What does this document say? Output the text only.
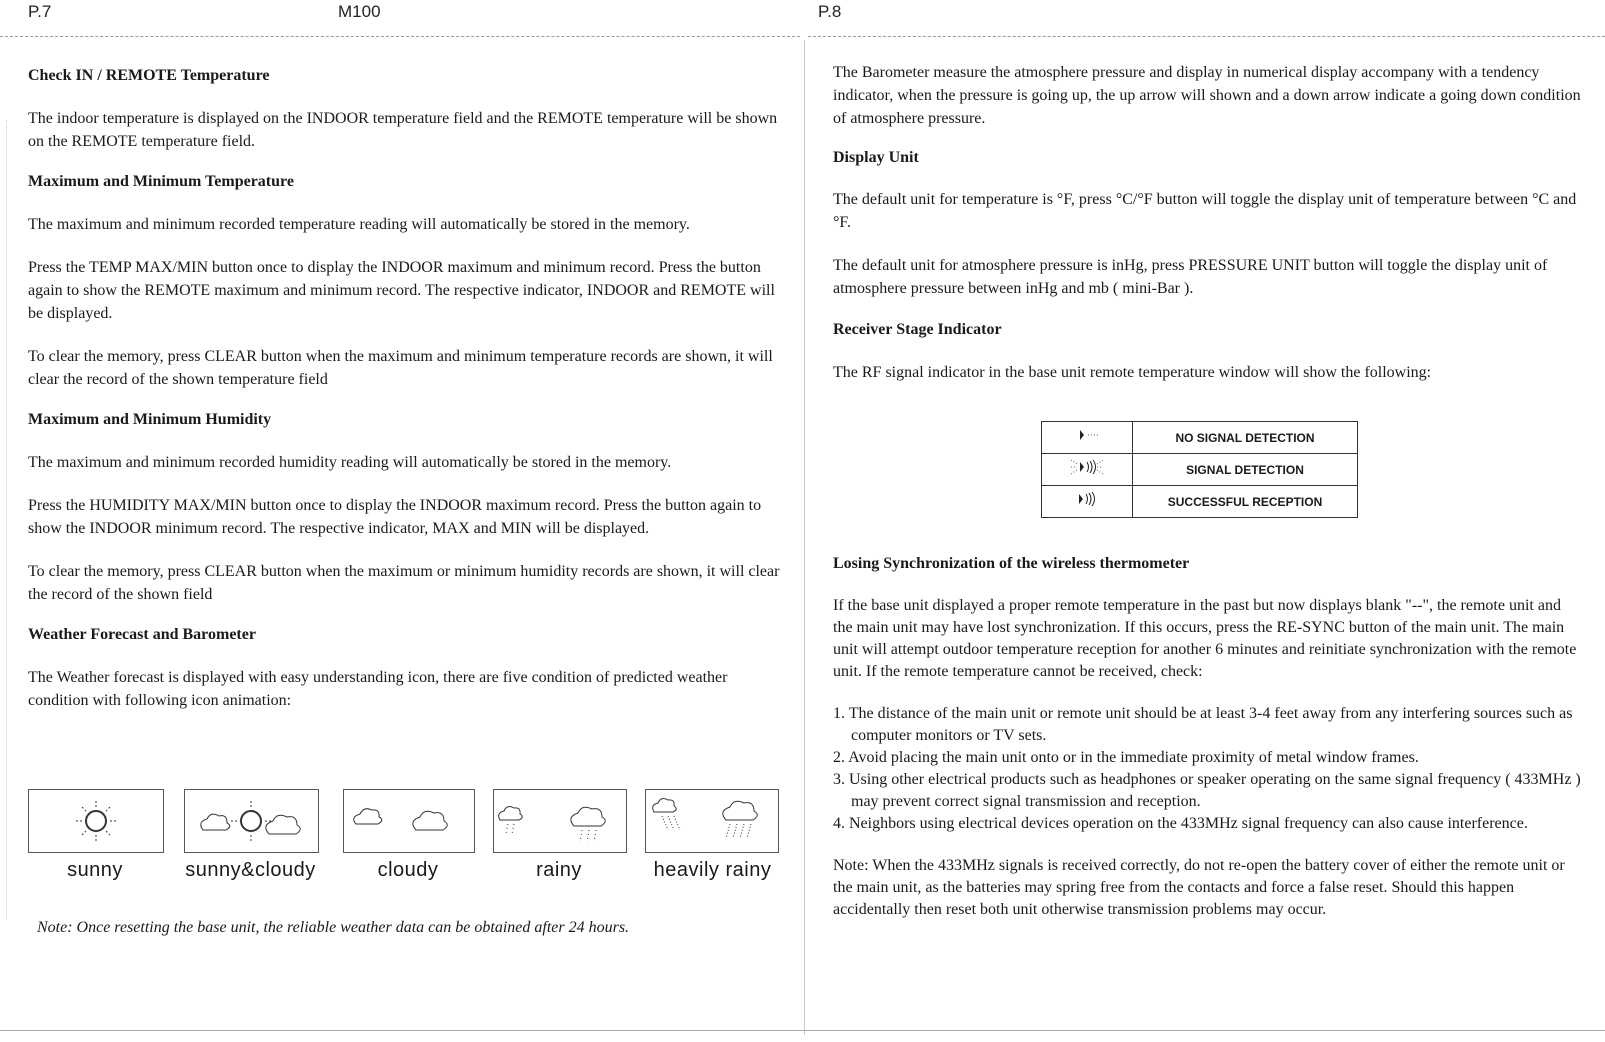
P.7	M100	P.8
Check IN / REMOTE Temperature

The indoor temperature is displayed on the INDOOR temperature field and the REMOTE temperature will be shown on the REMOTE temperature field.

Maximum and Minimum Temperature

The maximum and minimum recorded temperature reading will automatically be stored in the memory.

Press the TEMP MAX/MIN button once to display the INDOOR maximum and minimum record. Press the button again to show the REMOTE maximum and minimum record. The respective indicator, INDOOR and REMOTE will be displayed.

To clear the memory, press CLEAR button when the maximum and minimum temperature records are shown, it will clear the record of the shown temperature field

Maximum and Minimum Humidity

The maximum and minimum recorded humidity reading will automatically be stored in the memory.

Press the HUMIDITY MAX/MIN button once to display the INDOOR maximum record. Press the button again to show the INDOOR minimum record. The respective indicator, MAX and MIN will be displayed.

To clear the memory, press CLEAR button when the maximum or minimum humidity records are shown, it will clear the record of the shown field

Weather Forecast and Barometer

The Weather forecast is displayed with easy understanding icon, there are five condition of predicted weather condition with following icon animation:

sunny	sunny&cloudy	cloudy	rainy	heavily rainy
Note: Once resetting the base unit, the reliable weather data can be obtained after 24 hours.

The Barometer measure the atmosphere pressure and display in numerical display accompany with a tendency indicator, when the pressure is going up, the up arrow will shown and a down arrow indicate a going down condition of atmosphere pressure.

Display Unit

The default unit for temperature is °F, press °C/°F button will toggle the display unit of temperature between °C and °F.

The default unit for atmosphere pressure is inHg, press PRESSURE UNIT button will toggle the display unit of atmosphere pressure between inHg and mb ( mini-Bar ).

Receiver Stage Indicator

The RF signal indicator in the base unit remote temperature window will show the following:

	NO SIGNAL DETECTION
	SIGNAL DETECTION
	SUCCESSFUL RECEPTION
Losing Synchronization of the wireless thermometer

If the base unit displayed a proper remote temperature in the past but now displays blank "--", the remote unit and the main unit may have lost synchronization. If this occurs, press the RE-SYNC button of the main unit. The main unit will attempt outdoor temperature reception for another 6 minutes and reinitiate synchronization with the remote unit. If the remote temperature cannot be received, check:

1. The distance of the main unit or remote unit should be at least 3-4 feet away from any interfering sources such as computer monitors or TV sets.
2. Avoid placing the main unit onto or in the immediate proximity of metal window frames.
3. Using other electrical products such as headphones or speaker operating on the same signal frequency ( 433MHz ) may prevent correct signal transmission and reception.
4. Neighbors using electrical devices operation on the 433MHz signal frequency can also cause interference.

Note: When the 433MHz signals is received correctly, do not re-open the battery cover of either the remote unit or the main unit, as the batteries may spring free from the contacts and force a false reset. Should this happen accidentally then reset both unit otherwise transmission problems may occur.
